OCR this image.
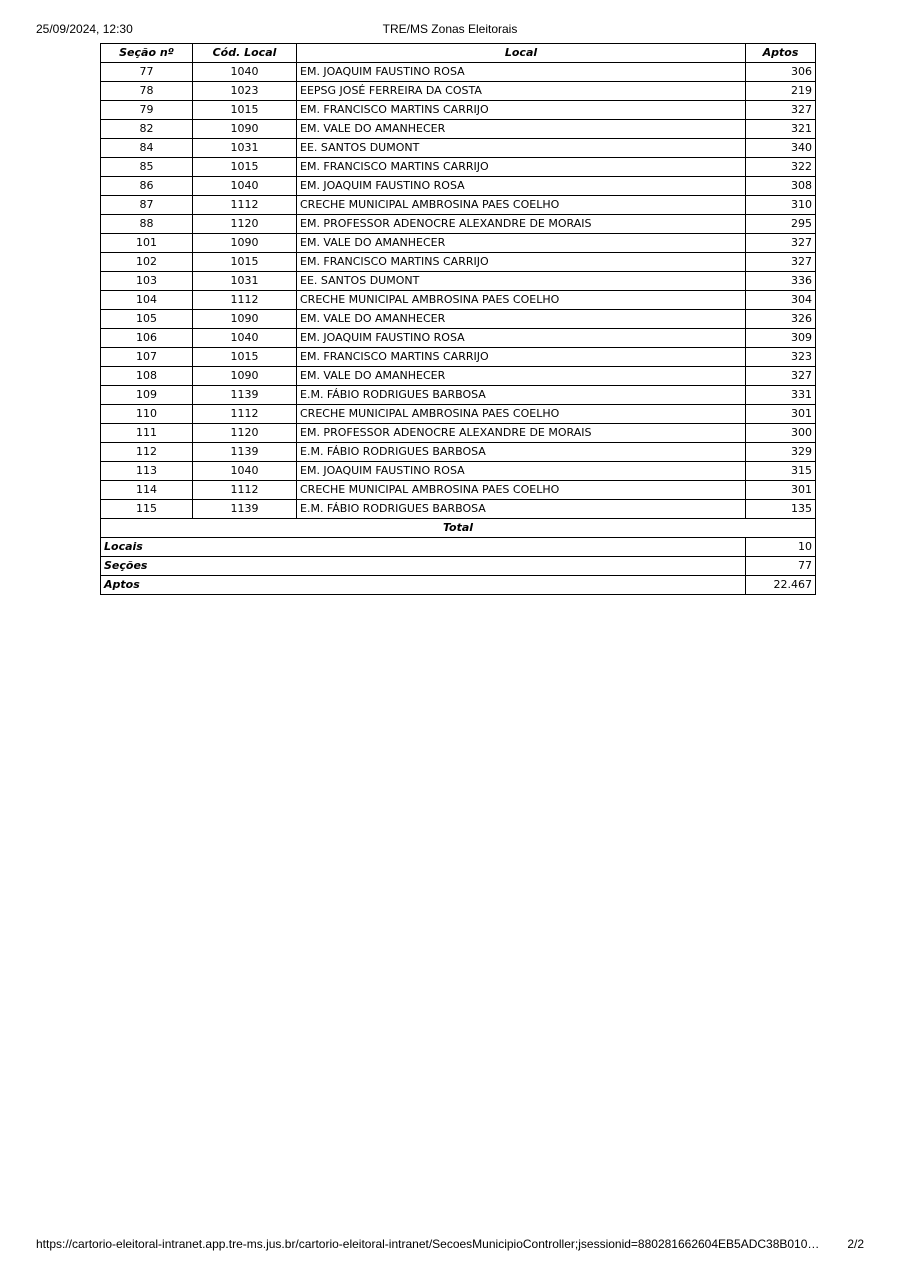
25/09/2024, 12:30	TRE/MS Zonas Eleitorais
Seção nº	Cód. Local	Local	Aptos
77	1040	EM. JOAQUIM FAUSTINO ROSA	306
78	1023	EEPSG JOSÉ FERREIRA DA COSTA	219
79	1015	EM. FRANCISCO MARTINS CARRIJO	327
82	1090	EM. VALE DO AMANHECER	321
84	1031	EE. SANTOS DUMONT	340
85	1015	EM. FRANCISCO MARTINS CARRIJO	322
86	1040	EM. JOAQUIM FAUSTINO ROSA	308
87	1112	CRECHE MUNICIPAL AMBROSINA PAES COELHO	310
88	1120	EM. PROFESSOR ADENOCRE ALEXANDRE DE MORAIS	295
101	1090	EM. VALE DO AMANHECER	327
102	1015	EM. FRANCISCO MARTINS CARRIJO	327
103	1031	EE. SANTOS DUMONT	336
104	1112	CRECHE MUNICIPAL AMBROSINA PAES COELHO	304
105	1090	EM. VALE DO AMANHECER	326
106	1040	EM. JOAQUIM FAUSTINO ROSA	309
107	1015	EM. FRANCISCO MARTINS CARRIJO	323
108	1090	EM. VALE DO AMANHECER	327
109	1139	E.M. FÁBIO RODRIGUES BARBOSA	331
110	1112	CRECHE MUNICIPAL AMBROSINA PAES COELHO	301
111	1120	EM. PROFESSOR ADENOCRE ALEXANDRE DE MORAIS	300
112	1139	E.M. FÁBIO RODRIGUES BARBOSA	329
113	1040	EM. JOAQUIM FAUSTINO ROSA	315
114	1112	CRECHE MUNICIPAL AMBROSINA PAES COELHO	301
115	1139	E.M. FÁBIO RODRIGUES BARBOSA	135
Total			
Locais			10
Seções			77
Aptos			22.467
https://cartorio-eleitoral-intranet.app.tre-ms.jus.br/cartorio-eleitoral-intranet/SecoesMunicipioController;jsessionid=880281662604EB5ADC38B010… 2/2
